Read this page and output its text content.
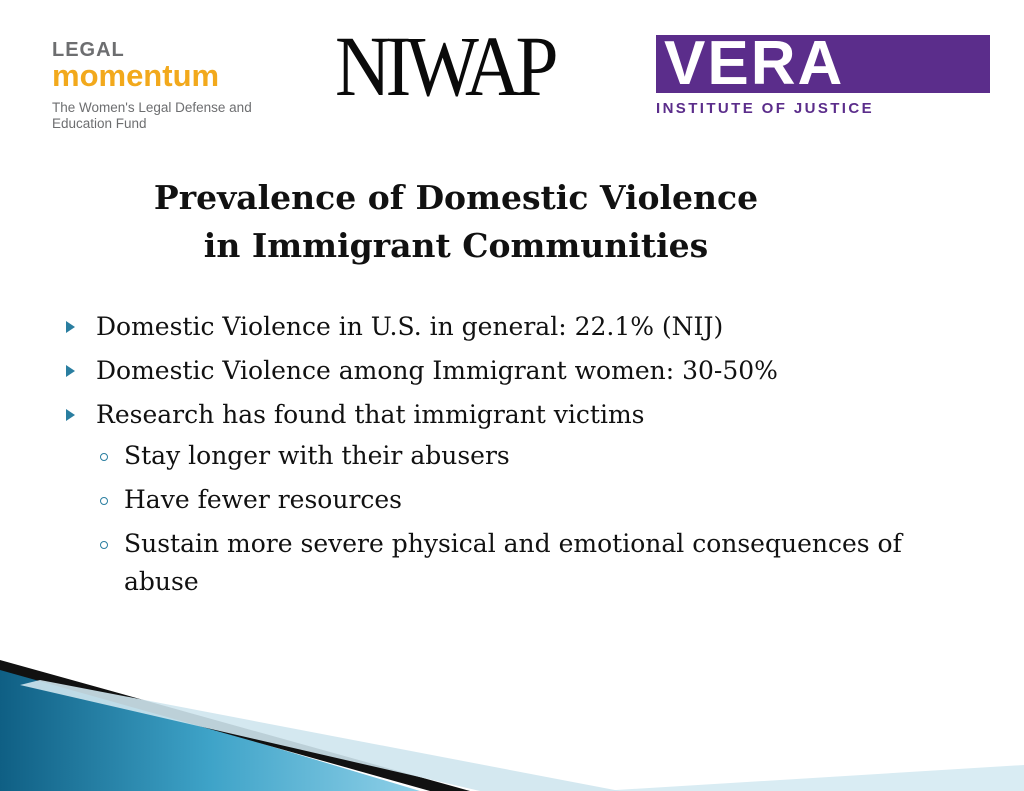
LEGAL
momentum
The Women's Legal Defense and Education Fund
NIWAP VERA
INSTITUTE OF JUSTICE
Prevalence of Domestic Violence
in Immigrant Communities
Domestic Violence in U.S. in general: 22.1% (NIJ)
Domestic Violence among Immigrant women: 30-50%
Research has found that immigrant victims
Stay longer with their abusers
Have fewer resources
Sustain more severe physical and emotional consequences of abuse
